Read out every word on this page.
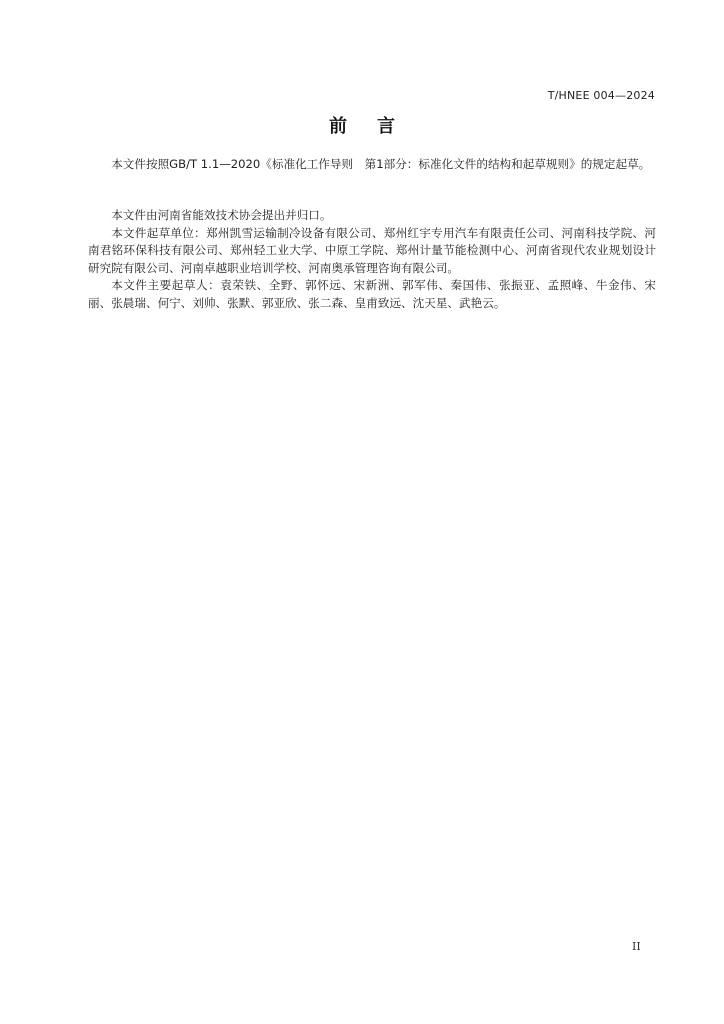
T/HNEE 004—2024
前言

本文件按照GB/T 1.1—2020《标准化工作导则　第1部分：标准化文件的结构和起草规则》的规定起草。

本文件由河南省能效技术协会提出并归口。

本文件起草单位：郑州凯雪运输制冷设备有限公司、郑州红宇专用汽车有限责任公司、河南科技学院、河南君铭环保科技有限公司、郑州轻工业大学、中原工学院、郑州计量节能检测中心、河南省现代农业规划设计研究院有限公司、河南卓越职业培训学校、河南奥承管理咨询有限公司。

本文件主要起草人：袁荣铁、全野、郭怀远、宋新洲、郭军伟、秦国伟、张振亚、孟照峰、牛金伟、宋丽、张晨瑞、何宁、刘帅、张默、郭亚欣、张二森、皇甫致远、沈天星、武艳云。

II
